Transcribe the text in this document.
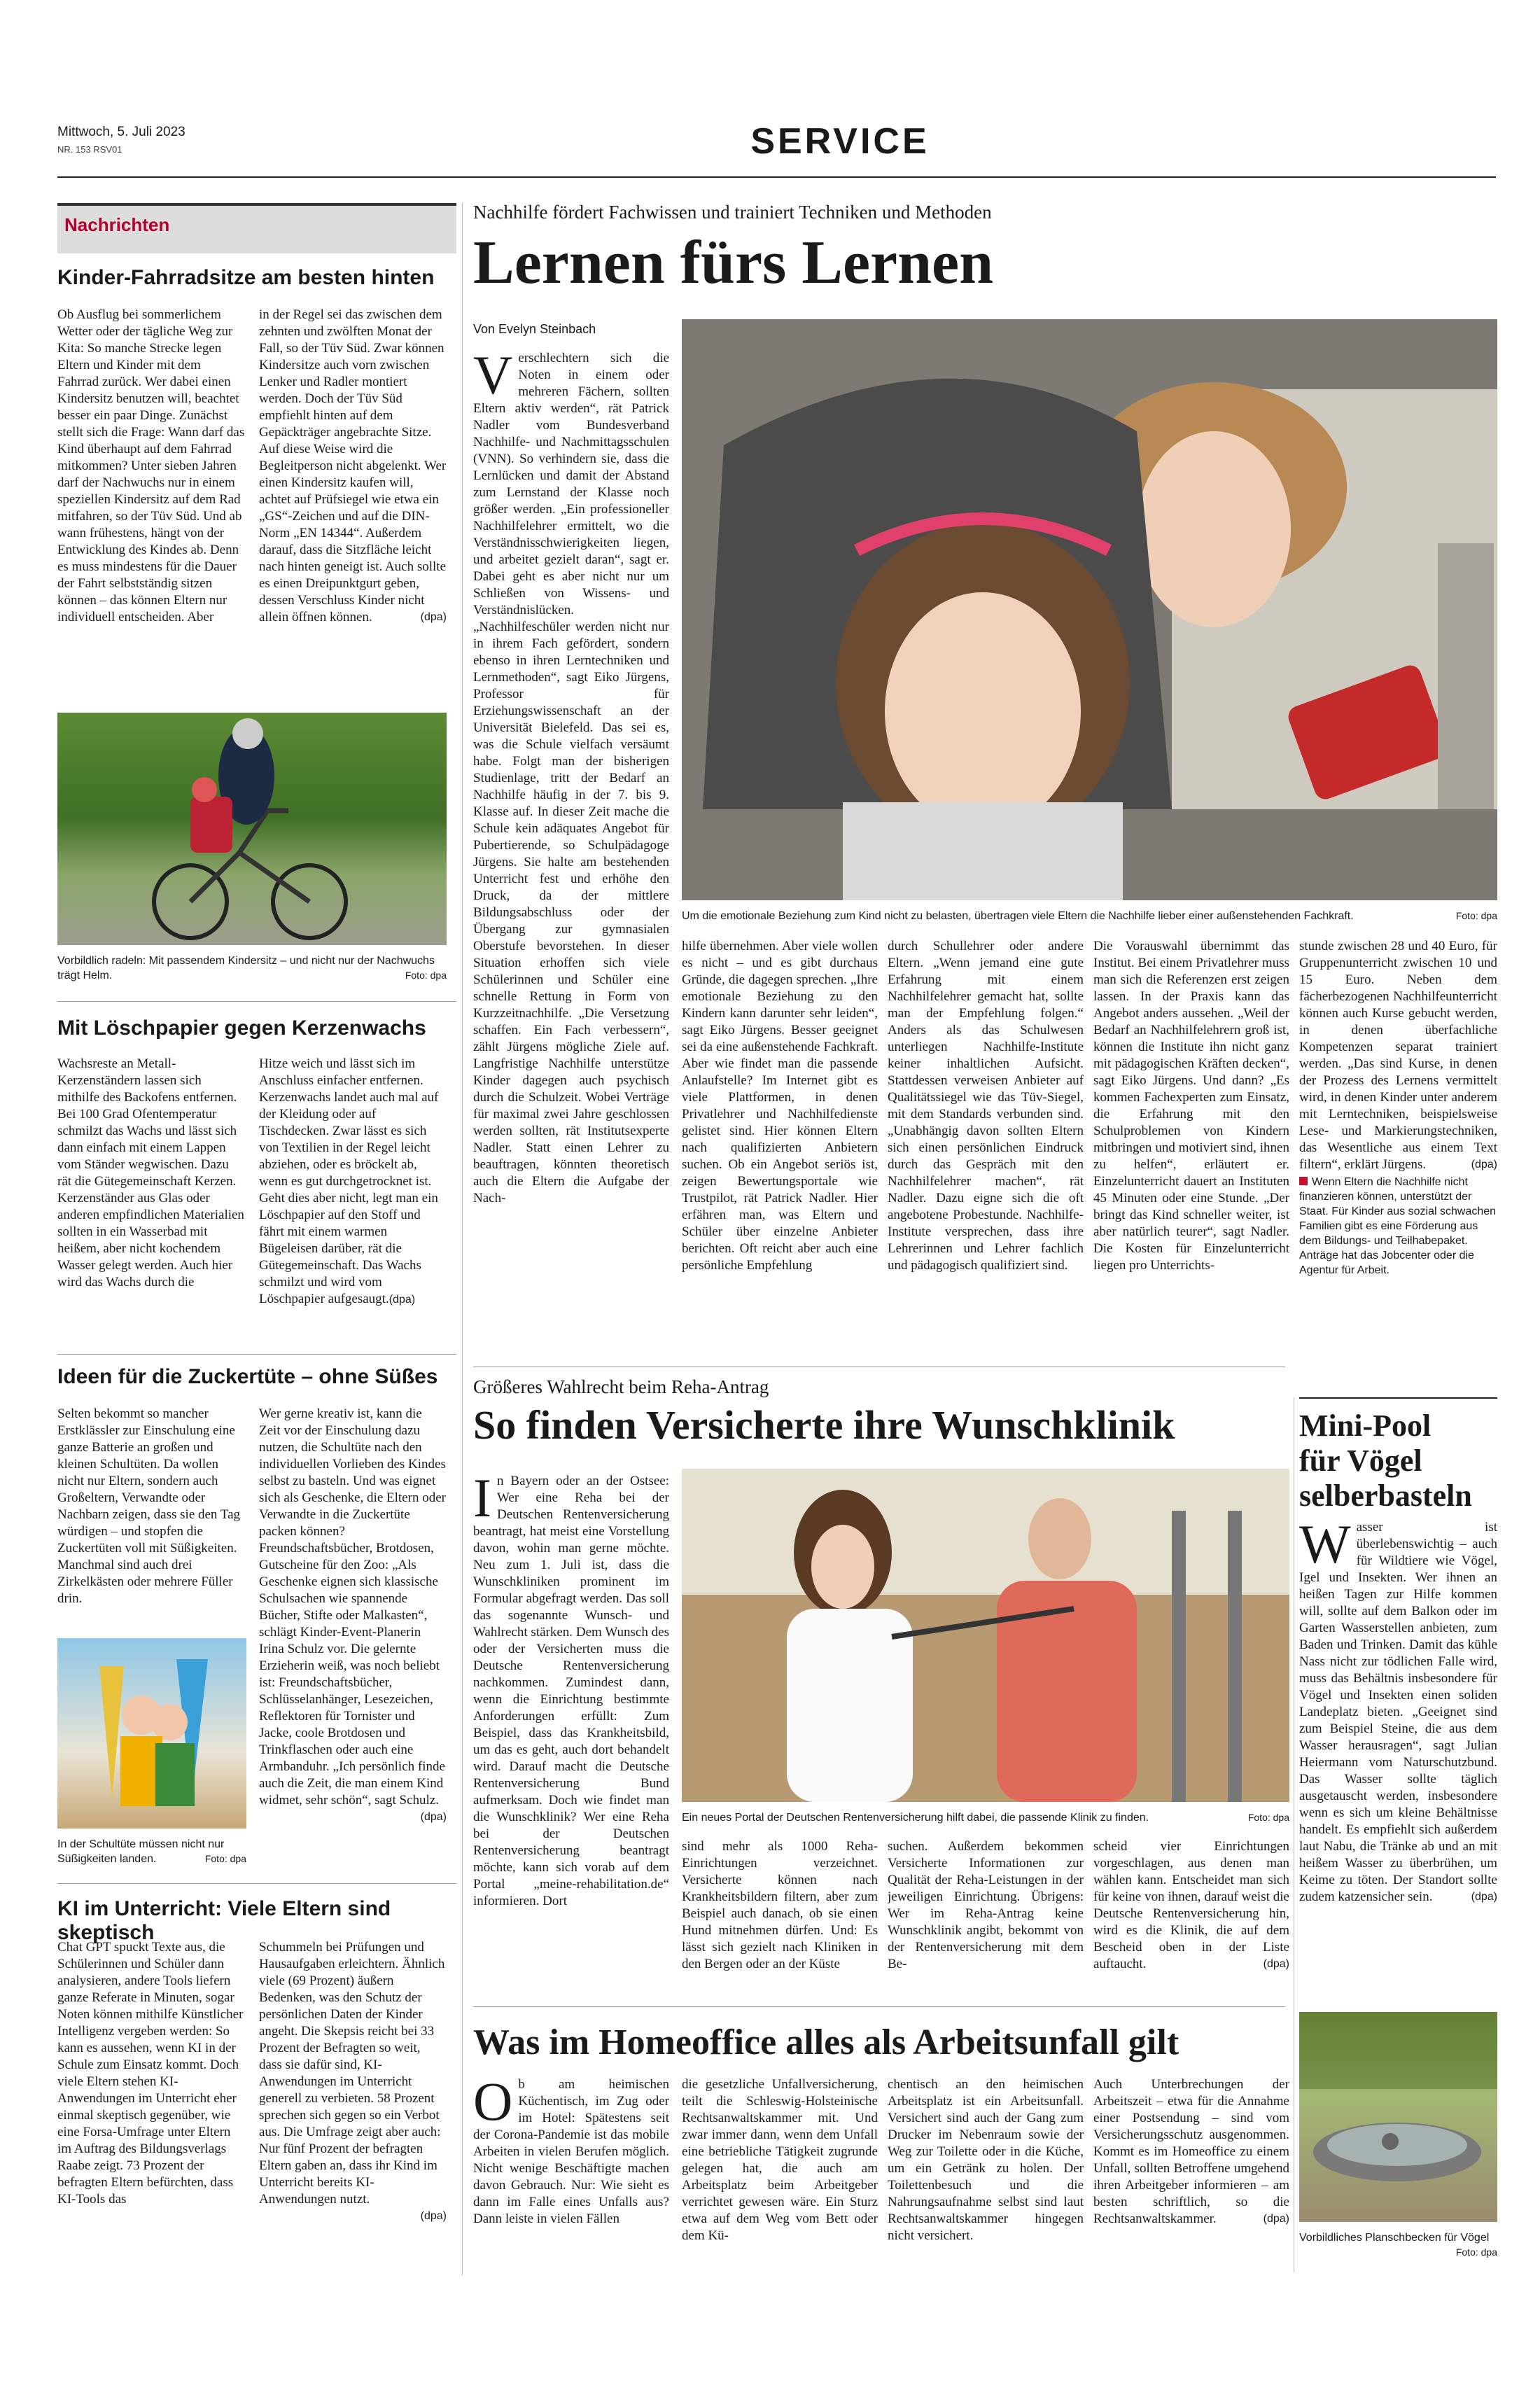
Mittwoch, 5. Juli 2023
NR. 153 RSV01	SERVICE
Nachrichten
Kinder-Fahrradsitze am besten hinten
Ob Ausflug bei sommerlichem Wetter oder der tägliche Weg zur Kita: So manche Strecke legen Eltern und Kinder mit dem Fahrrad zurück. Wer dabei einen Kindersitz benutzen will, beachtet besser ein paar Dinge. Zunächst stellt sich die Frage: Wann darf das Kind überhaupt auf dem Fahrrad mitkommen? Unter sieben Jahren darf der Nachwuchs nur in einem speziellen Kindersitz auf dem Rad mitfahren, so der Tüv Süd. Und ab wann frühestens, hängt von der Entwicklung des Kindes ab. Denn es muss mindestens für die Dauer der Fahrt selbstständig sitzen können – das können Eltern nur individuell entscheiden. Aber
in der Regel sei das zwischen dem zehnten und zwölften Monat der Fall, so der Tüv Süd. Zwar können Kindersitze auch vorn zwischen Lenker und Radler montiert werden. Doch der Tüv Süd empfiehlt hinten auf dem Gepäckträger angebrachte Sitze. Auf diese Weise wird die Begleitperson nicht abgelenkt. Wer einen Kindersitz kaufen will, achtet auf Prüfsiegel wie etwa ein „GS“-Zeichen und auf die DIN-Norm „EN 14344“. Außerdem darauf, dass die Sitzfläche leicht nach hinten geneigt ist. Auch sollte es einen Dreipunktgurt geben, dessen Verschluss Kinder nicht allein öffnen können.	(dpa)
Vorbildlich radeln: Mit passendem Kindersitz – und nicht nur der Nachwuchs trägt Helm.	Foto: dpa
Mit Löschpapier gegen Kerzenwachs
Wachsreste an Metall-Kerzenständern lassen sich mithilfe des Backofens entfernen. Bei 100 Grad Ofentemperatur schmilzt das Wachs und lässt sich dann einfach mit einem Lappen vom Ständer wegwischen. Dazu rät die Gütegemeinschaft Kerzen. Kerzenständer aus Glas oder anderen empfindlichen Materialien sollten in ein Wasserbad mit heißem, aber nicht kochendem Wasser gelegt werden. Auch hier wird das Wachs durch die
Hitze weich und lässt sich im Anschluss einfacher entfernen. Kerzenwachs landet auch mal auf der Kleidung oder auf Tischdecken. Zwar lässt es sich von Textilien in der Regel leicht abziehen, oder es bröckelt ab, wenn es gut durchgetrocknet ist. Geht dies aber nicht, legt man ein Löschpapier auf den Stoff und fährt mit einem warmen Bügeleisen darüber, rät die Gütegemeinschaft. Das Wachs schmilzt und wird vom Löschpapier aufgesaugt.(dpa)
Ideen für die Zuckertüte – ohne Süßes
Selten bekommt so mancher Erstklässler zur Einschulung eine ganze Batterie an großen und kleinen Schultüten. Da wollen nicht nur Eltern, sondern auch Großeltern, Verwandte oder Nachbarn zeigen, dass sie den Tag würdigen – und stopfen die Zuckertüten voll mit Süßigkeiten. Manchmal sind auch drei Zirkelkästen oder mehrere Füller drin.
In der Schultüte müssen nicht nur Süßigkeiten landen.	Foto: dpa
Wer gerne kreativ ist, kann die Zeit vor der Einschulung dazu nutzen, die Schultüte nach den individuellen Vorlieben des Kindes selbst zu basteln. Und was eignet sich als Geschenke, die Eltern oder Verwandte in die Zuckertüte packen können? Freundschaftsbücher, Brotdosen, Gutscheine für den Zoo: „Als Geschenke eignen sich klassische Schulsachen wie spannende Bücher, Stifte oder Malkasten“, schlägt Kinder-Event-Planerin Irina Schulz vor. Die gelernte Erzieherin weiß, was noch beliebt ist: Freundschaftsbücher, Schlüsselanhänger, Lesezeichen, Reflektoren für Tornister und Jacke, coole Brotdosen und Trinkflaschen oder auch eine Armbanduhr. „Ich persönlich finde auch die Zeit, die man einem Kind widmet, sehr schön“, sagt Schulz.
(dpa)
KI im Unterricht: Viele Eltern sind skeptisch
Chat GPT spuckt Texte aus, die Schülerinnen und Schüler dann analysieren, andere Tools liefern ganze Referate in Minuten, sogar Noten können mithilfe Künstlicher Intelligenz vergeben werden: So kann es aussehen, wenn KI in der Schule zum Einsatz kommt. Doch viele Eltern stehen KI-Anwendungen im Unterricht eher einmal skeptisch gegenüber, wie eine Forsa-Umfrage unter Eltern im Auftrag des Bildungsverlags Raabe zeigt. 73 Prozent der befragten Eltern befürchten, dass KI-Tools das
Schummeln bei Prüfungen und Hausaufgaben erleichtern. Ähnlich viele (69 Prozent) äußern Bedenken, was den Schutz der persönlichen Daten der Kinder angeht. Die Skepsis reicht bei 33 Prozent der Befragten so weit, dass sie dafür sind, KI-Anwendungen im Unterricht generell zu verbieten. 58 Prozent sprechen sich gegen so ein Verbot aus. Die Umfrage zeigt aber auch: Nur fünf Prozent der befragten Eltern gaben an, dass ihr Kind im Unterricht bereits KI-Anwendungen nutzt.

(dpa)
Nachhilfe fördert Fachwissen und trainiert Techniken und Methoden
Lernen fürs Lernen
Von Evelyn Steinbach
Verschlechtern sich die Noten in einem oder mehreren Fächern, sollten Eltern aktiv werden“, rät Patrick Nadler vom Bundesverband Nachhilfe- und Nachmittagsschulen (VNN). So verhindern sie, dass die Lernlücken und damit der Abstand zum Lernstand der Klasse noch größer werden. „Ein professioneller Nachhilfelehrer ermittelt, wo die Verständnisschwierigkeiten liegen, und arbeitet gezielt daran“, sagt er. Dabei geht es aber nicht nur um Schließen von Wissens- und Verständnislücken. „Nachhilfeschüler werden nicht nur in ihrem Fach gefördert, sondern ebenso in ihren Lerntechniken und Lernmethoden“, sagt Eiko Jürgens, Professor für Erziehungswissenschaft an der Universität Bielefeld. Das sei es, was die Schule vielfach versäumt habe. Folgt man der bisherigen Studienlage, tritt der Bedarf an Nachhilfe häufig in der 7. bis 9. Klasse auf. In dieser Zeit mache die Schule kein adäquates Angebot für Pubertierende, so Schulpädagoge Jürgens. Sie halte am bestehenden Unterricht fest und erhöhe den Druck, da der mittlere Bildungsabschluss oder der Übergang zur gymnasialen Oberstufe bevorstehen. In dieser Situation erhoffen sich viele Schülerinnen und Schüler eine schnelle Rettung in Form von Kurzzeitnachhilfe. „Die Versetzung schaffen. Ein Fach verbessern“, zählt Jürgens mögliche Ziele auf. Langfristige Nachhilfe unterstütze Kinder dagegen auch psychisch durch die Schulzeit. Wobei Verträge für maximal zwei Jahre geschlossen werden sollten, rät Institutsexperte Nadler. Statt einen Lehrer zu beauftragen, könnten theoretisch auch die Eltern die Aufgabe der Nach-
Um die emotionale Beziehung zum Kind nicht zu belasten, übertragen viele Eltern die Nachhilfe lieber einer außenstehenden Fachkraft.	Foto: dpa
hilfe übernehmen. Aber viele wollen es nicht – und es gibt durchaus Gründe, die dagegen sprechen. „Ihre emotionale Beziehung zu den Kindern kann darunter sehr leiden“, sagt Eiko Jürgens. Besser geeignet sei da eine außenstehende Fachkraft. Aber wie findet man die passende Anlaufstelle? Im Internet gibt es viele Plattformen, in denen Privatlehrer und Nachhilfedienste gelistet sind. Hier können Eltern nach qualifizierten Anbietern suchen. Ob ein Angebot seriös ist, zeigen Bewertungsportale wie Trustpilot, rät Patrick Nadler. Hier erfähren man, was Eltern und Schüler über einzelne Anbieter berichten. Oft reicht aber auch eine persönliche Empfehlung
durch Schullehrer oder andere Eltern. „Wenn jemand eine gute Erfahrung mit einem Nachhilfelehrer gemacht hat, sollte man der Empfehlung folgen.“ Anders als das Schulwesen unterliegen Nachhilfe-Institute keiner inhaltlichen Aufsicht. Stattdessen verweisen Anbieter auf Qualitätssiegel wie das Tüv-Siegel, mit dem Standards verbunden sind. „Unabhängig davon sollten Eltern sich einen persönlichen Eindruck durch das Gespräch mit den Nachhilfelehrer machen“, rät Nadler. Dazu eigne sich die oft angebotene Probestunde. Nachhilfe-Institute versprechen, dass ihre Lehrerinnen und Lehrer fachlich und pädagogisch qualifiziert sind.
Die Vorauswahl übernimmt das Institut. Bei einem Privatlehrer muss man sich die Referenzen erst zeigen lassen. In der Praxis kann das Angebot anders aussehen. „Weil der Bedarf an Nachhilfelehrern groß ist, können die Institute ihn nicht ganz mit pädagogischen Kräften decken“, sagt Eiko Jürgens. Und dann? „Es kommen Fachexperten zum Einsatz, die Erfahrung mit den Schulproblemen von Kindern mitbringen und motiviert sind, ihnen zu helfen“, erläutert er. Einzelunterricht dauert an Instituten 45 Minuten oder eine Stunde. „Der bringt das Kind schneller weiter, ist aber natürlich teurer“, sagt Nadler. Die Kosten für Einzelunterricht liegen pro Unterrichts-
stunde zwischen 28 und 40 Euro, für Gruppenunterricht zwischen 10 und 15 Euro. Neben dem fächerbezogenen Nachhilfeunterricht können auch Kurse gebucht werden, in denen überfachliche Kompetenzen separat trainiert werden. „Das sind Kurse, in denen der Prozess des Lernens vermittelt wird, in denen Kinder unter anderem mit Lerntechniken, beispielsweise Lese- und Markierungstechniken, das Wesentliche aus einem Text filtern“, erklärt Jürgens.	(dpa)
Wenn Eltern die Nachhilfe nicht finanzieren können, unterstützt der Staat. Für Kinder aus sozial schwachen Familien gibt es eine Förderung aus dem Bildungs- und Teilhabepaket. Anträge hat das Jobcenter oder die Agentur für Arbeit.
Größeres Wahlrecht beim Reha-Antrag
So finden Versicherte ihre Wunschklinik
In Bayern oder an der Ostsee: Wer eine Reha bei der Deutschen Rentenversicherung beantragt, hat meist eine Vorstellung davon, wohin man gerne möchte. Neu zum 1. Juli ist, dass die Wunschkliniken prominent im Formular abgefragt werden. Das soll das sogenannte Wunsch- und Wahlrecht stärken. Dem Wunsch des oder der Versicherten muss die Deutsche Rentenversicherung nachkommen. Zumindest dann, wenn die Einrichtung bestimmte Anforderungen erfüllt: Zum Beispiel, dass das Krankheitsbild, um das es geht, auch dort behandelt wird. Darauf macht die Deutsche Rentenversicherung Bund aufmerksam. Doch wie findet man die Wunschklinik? Wer eine Reha bei der Deutschen Rentenversicherung beantragt möchte, kann sich vorab auf dem Portal „meine-rehabilitation.de“ informieren. Dort
Ein neues Portal der Deutschen Rentenversicherung hilft dabei, die passende Klinik zu finden.	Foto: dpa
sind mehr als 1000 Reha-Einrichtungen verzeichnet. Versicherte können nach Krankheitsbildern filtern, aber zum Beispiel auch danach, ob sie einen Hund mitnehmen dürfen. Und: Es lässt sich gezielt nach Kliniken in den Bergen oder an der Küste
suchen. Außerdem bekommen Versicherte Informationen zur Qualität der Reha-Leistungen in der jeweiligen Einrichtung. Übrigens: Wer im Reha-Antrag keine Wunschklinik angibt, bekommt von der Rentenversicherung mit dem Be-
scheid vier Einrichtungen vorgeschlagen, aus denen man wählen kann. Entscheidet man sich für keine von ihnen, darauf weist die Deutsche Rentenversicherung hin, wird es die Klinik, die auf dem Bescheid oben in der Liste auftaucht.	(dpa)
Was im Homeoffice alles als Arbeitsunfall gilt
Ob am heimischen Küchentisch, im Zug oder im Hotel: Spätestens seit der Corona-Pandemie ist das mobile Arbeiten in vielen Berufen möglich. Nicht wenige Beschäftigte machen davon Gebrauch. Nur: Wie sieht es dann im Falle eines Unfalls aus? Dann leiste in vielen Fällen
die gesetzliche Unfallversicherung, teilt die Schleswig-Holsteinische Rechtsanwaltskammer mit. Und zwar immer dann, wenn dem Unfall eine betriebliche Tätigkeit zugrunde gelegen hat, die auch am Arbeitsplatz beim Arbeitgeber verrichtet gewesen wäre. Ein Sturz etwa auf dem Weg vom Bett oder dem Kü-
chentisch an den heimischen Arbeitsplatz ist ein Arbeitsunfall. Versichert sind auch der Gang zum Drucker im Nebenraum sowie der Weg zur Toilette oder in die Küche, um ein Getränk zu holen. Der Toilettenbesuch und die Nahrungsaufnahme selbst sind laut Rechtsanwaltskammer hingegen nicht versichert.
Auch Unterbrechungen der Arbeitszeit – etwa für die Annahme einer Postsendung – sind vom Versicherungsschutz ausgenommen. Kommt es im Homeoffice zu einem Unfall, sollten Betroffene umgehend ihren Arbeitgeber informieren – am besten schriftlich, so die Rechtsanwaltskammer.	(dpa)
Mini-Pool für Vögel selberbasteln
Wasser ist überlebenswichtig – auch für Wildtiere wie Vögel, Igel und Insekten. Wer ihnen an heißen Tagen zur Hilfe kommen will, sollte auf dem Balkon oder im Garten Wasserstellen anbieten, zum Baden und Trinken. Damit das kühle Nass nicht zur tödlichen Falle wird, muss das Behältnis insbesondere für Vögel und Insekten einen soliden Landeplatz bieten. „Geeignet sind zum Beispiel Steine, die aus dem Wasser herausragen“, sagt Julian Heiermann vom Naturschutzbund. Das Wasser sollte täglich ausgetauscht werden, insbesondere wenn es sich um kleine Behältnisse handelt. Es empfiehlt sich außerdem laut Nabu, die Tränke ab und an mit heißem Wasser zu überbrühen, um Keime zu töten. Der Standort sollte zudem katzensicher sein.	(dpa)
Vorbildliches Planschbecken für Vögel

Foto: dpa
